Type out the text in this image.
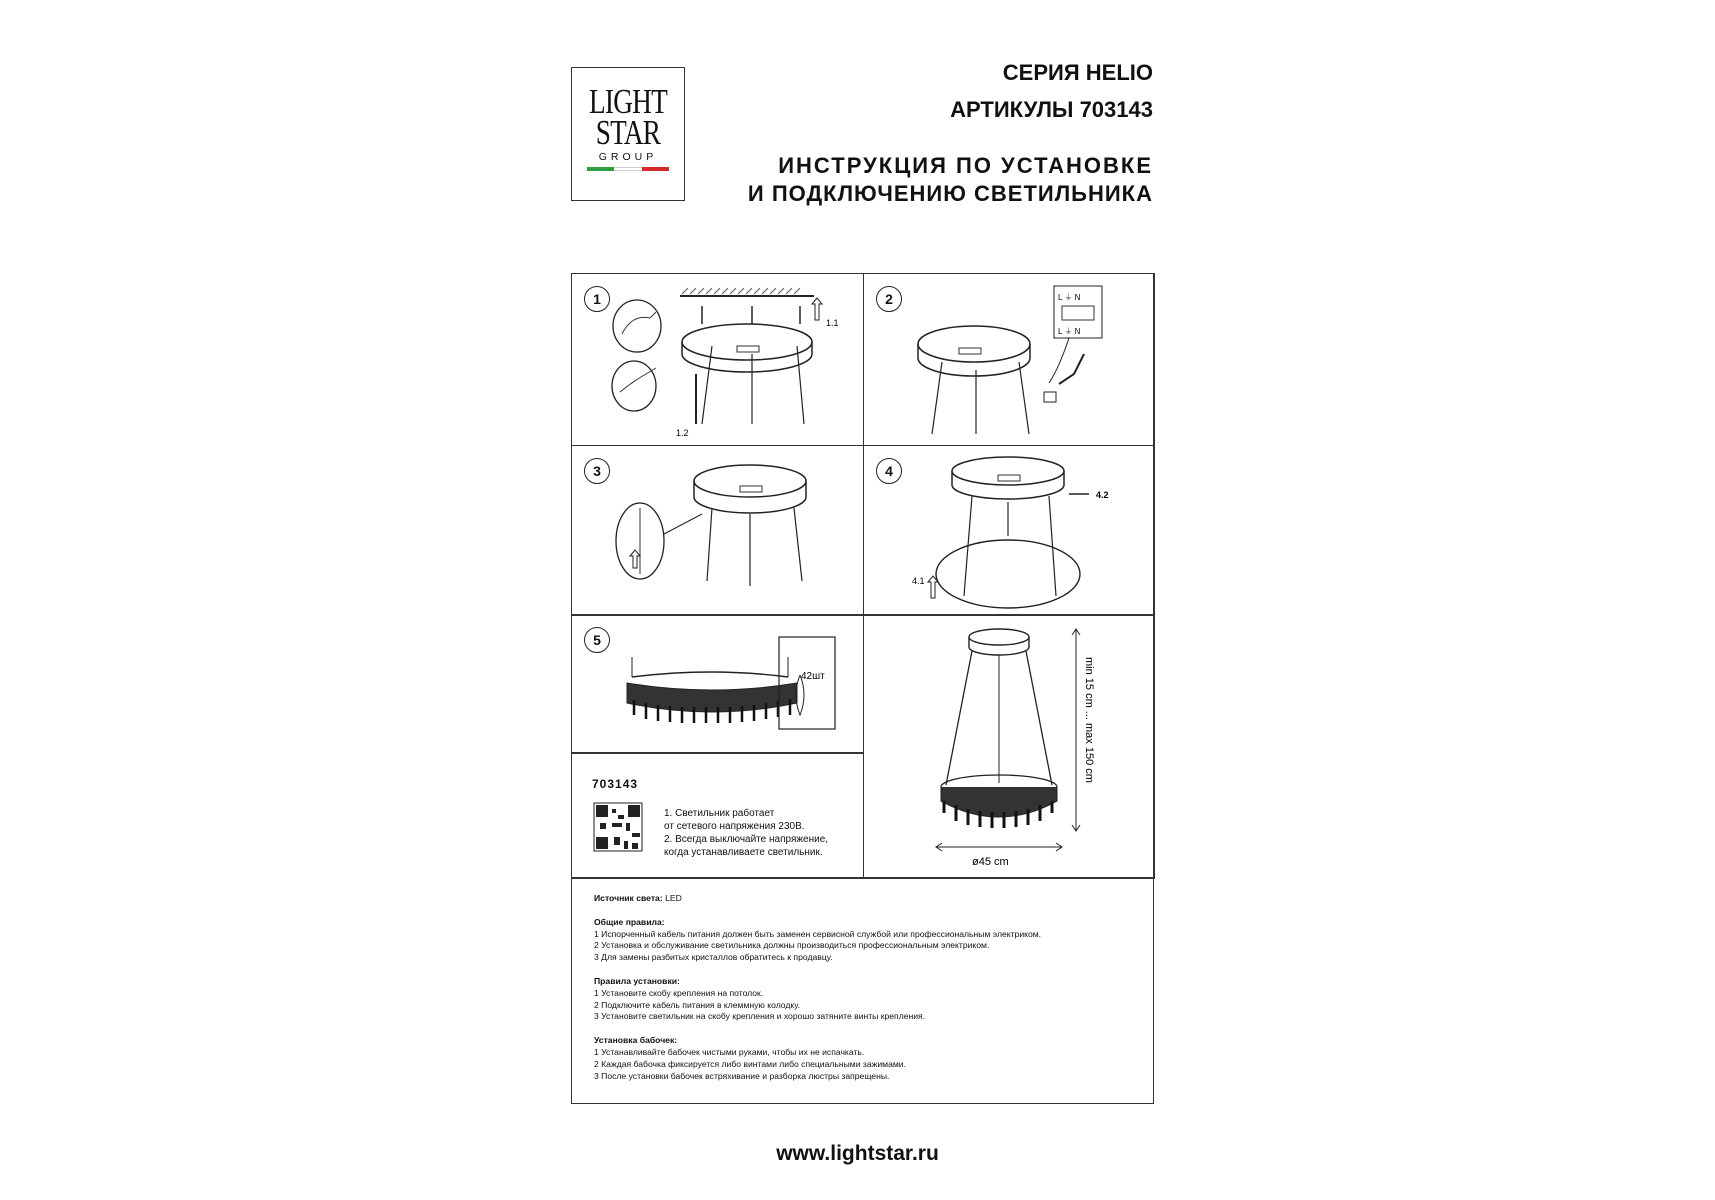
LIGHT
STAR
GROUP
СЕРИЯ HELIO
АРТИКУЛЫ 703143
ИНСТРУКЦИЯ ПО УСТАНОВКЕ
И ПОДКЛЮЧЕНИЮ СВЕТИЛЬНИКА
1
1.1
1.2
2	L ⏚ N
L ⏚ N
3	4
4.2
4.1
5
42шт
703143
1. Светильник работает
от сетевого напряжения 230В.
2. Всегда выключайте напряжение,
когда устанавливаете светильник.
ø45 cm
min 15 cm ... max 150 cm
Источник света: LED
Общие правила:
1 Испорченный кабель питания должен быть заменен сервисной службой или профессиональным электриком.
2 Установка и обслуживание светильника должны производиться профессиональным электриком.
3 Для замены разбитых кристаллов обратитесь к продавцу.
Правила установки:
1 Установите скобу крепления на потолок.
2 Подключите кабель питания в клеммную колодку.
3 Установите светильник на скобу крепления и хорошо затяните винты крепления.
Установка бабочек:
1 Устанавливайте бабочек чистыми руками, чтобы их не испачкать.
2 Каждая бабочка фиксируется либо винтами либо специальными зажимами.
3 После установки бабочек встряхивание и разборка люстры запрещены.
www.lightstar.ru
